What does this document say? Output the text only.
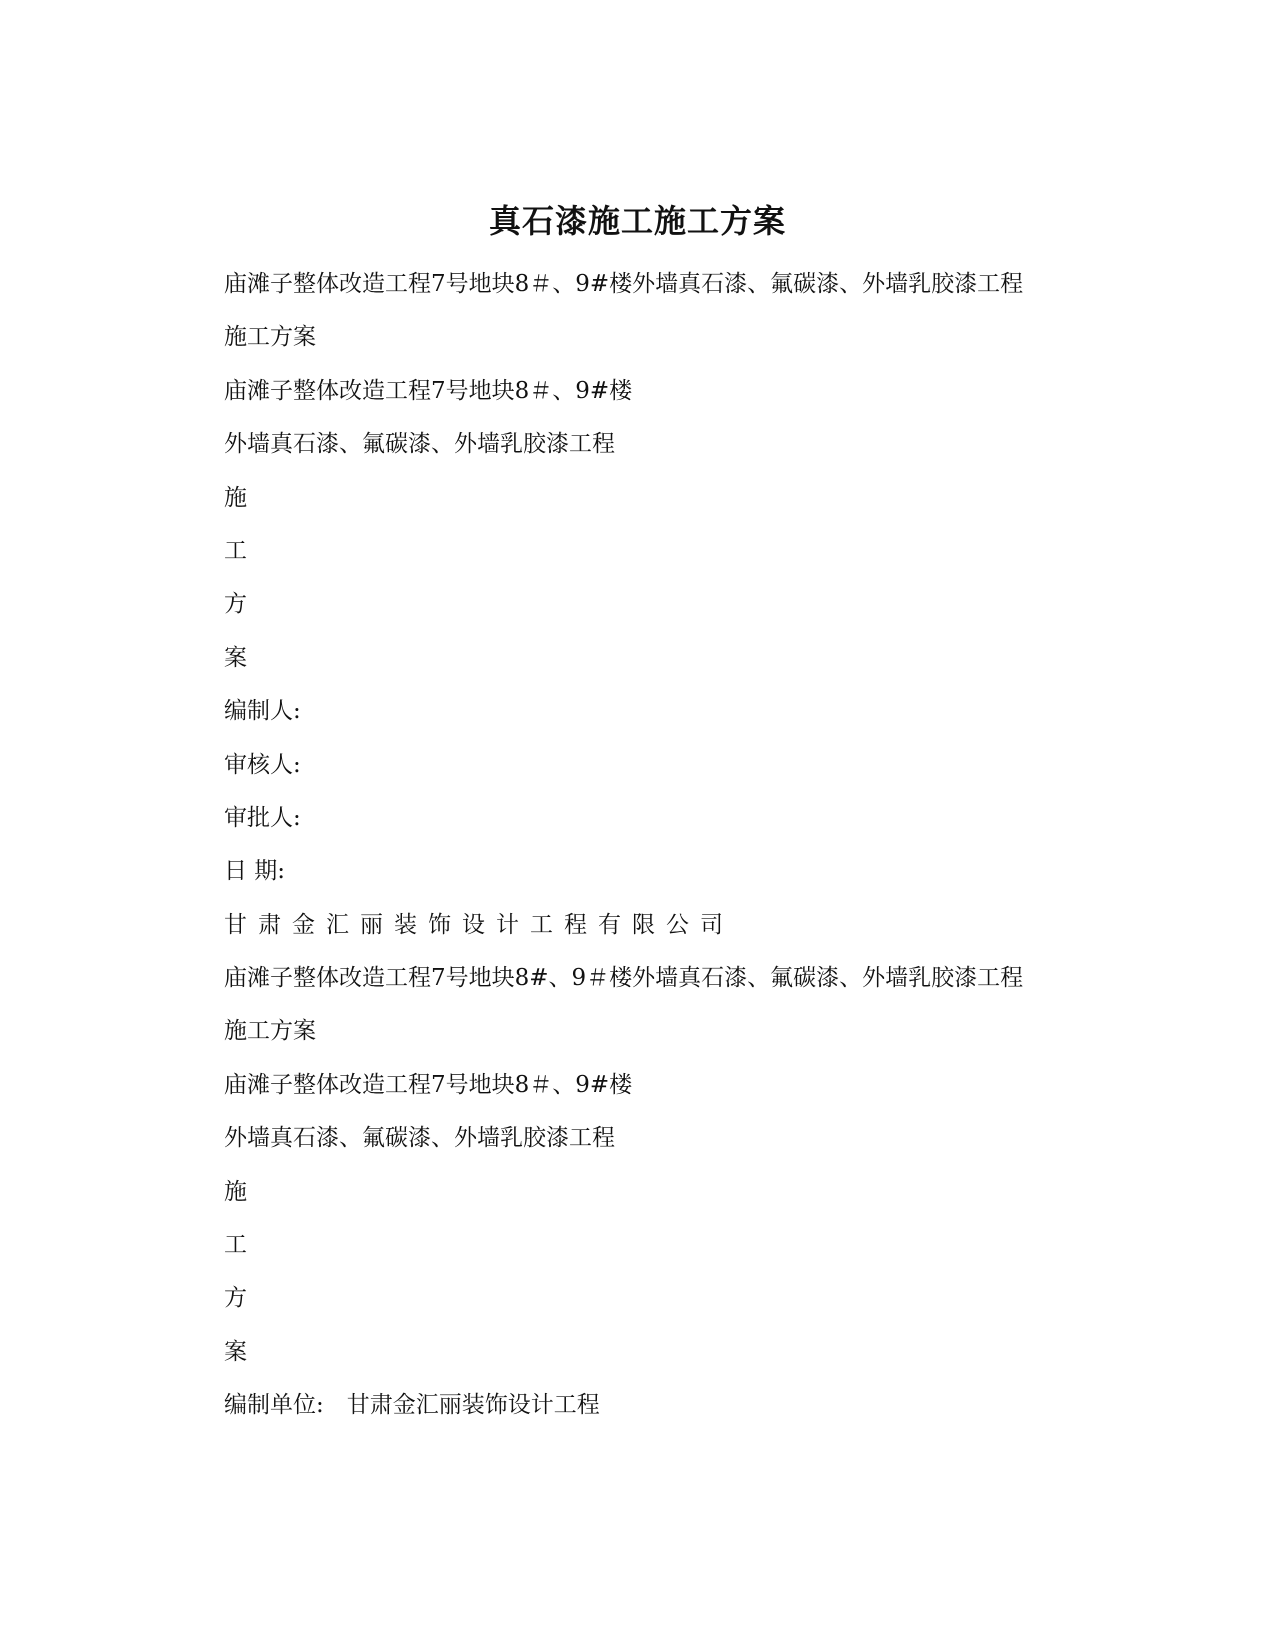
真石漆施工施工方案
庙滩子整体改造工程7号地块8＃、9#楼外墙真石漆、氟碳漆、外墙乳胶漆工程
施工方案
庙滩子整体改造工程7号地块8＃、9#楼
外墙真石漆、氟碳漆、外墙乳胶漆工程
施
工
方
案
编制人:
审核人:
审批人:
日 期:
甘肃金汇丽装饰设计工程有限公司
庙滩子整体改造工程7号地块8#、9＃楼外墙真石漆、氟碳漆、外墙乳胶漆工程
施工方案
庙滩子整体改造工程7号地块8＃、9#楼
外墙真石漆、氟碳漆、外墙乳胶漆工程
施
工
方
案
编制单位:　甘肃金汇丽装饰设计工程
